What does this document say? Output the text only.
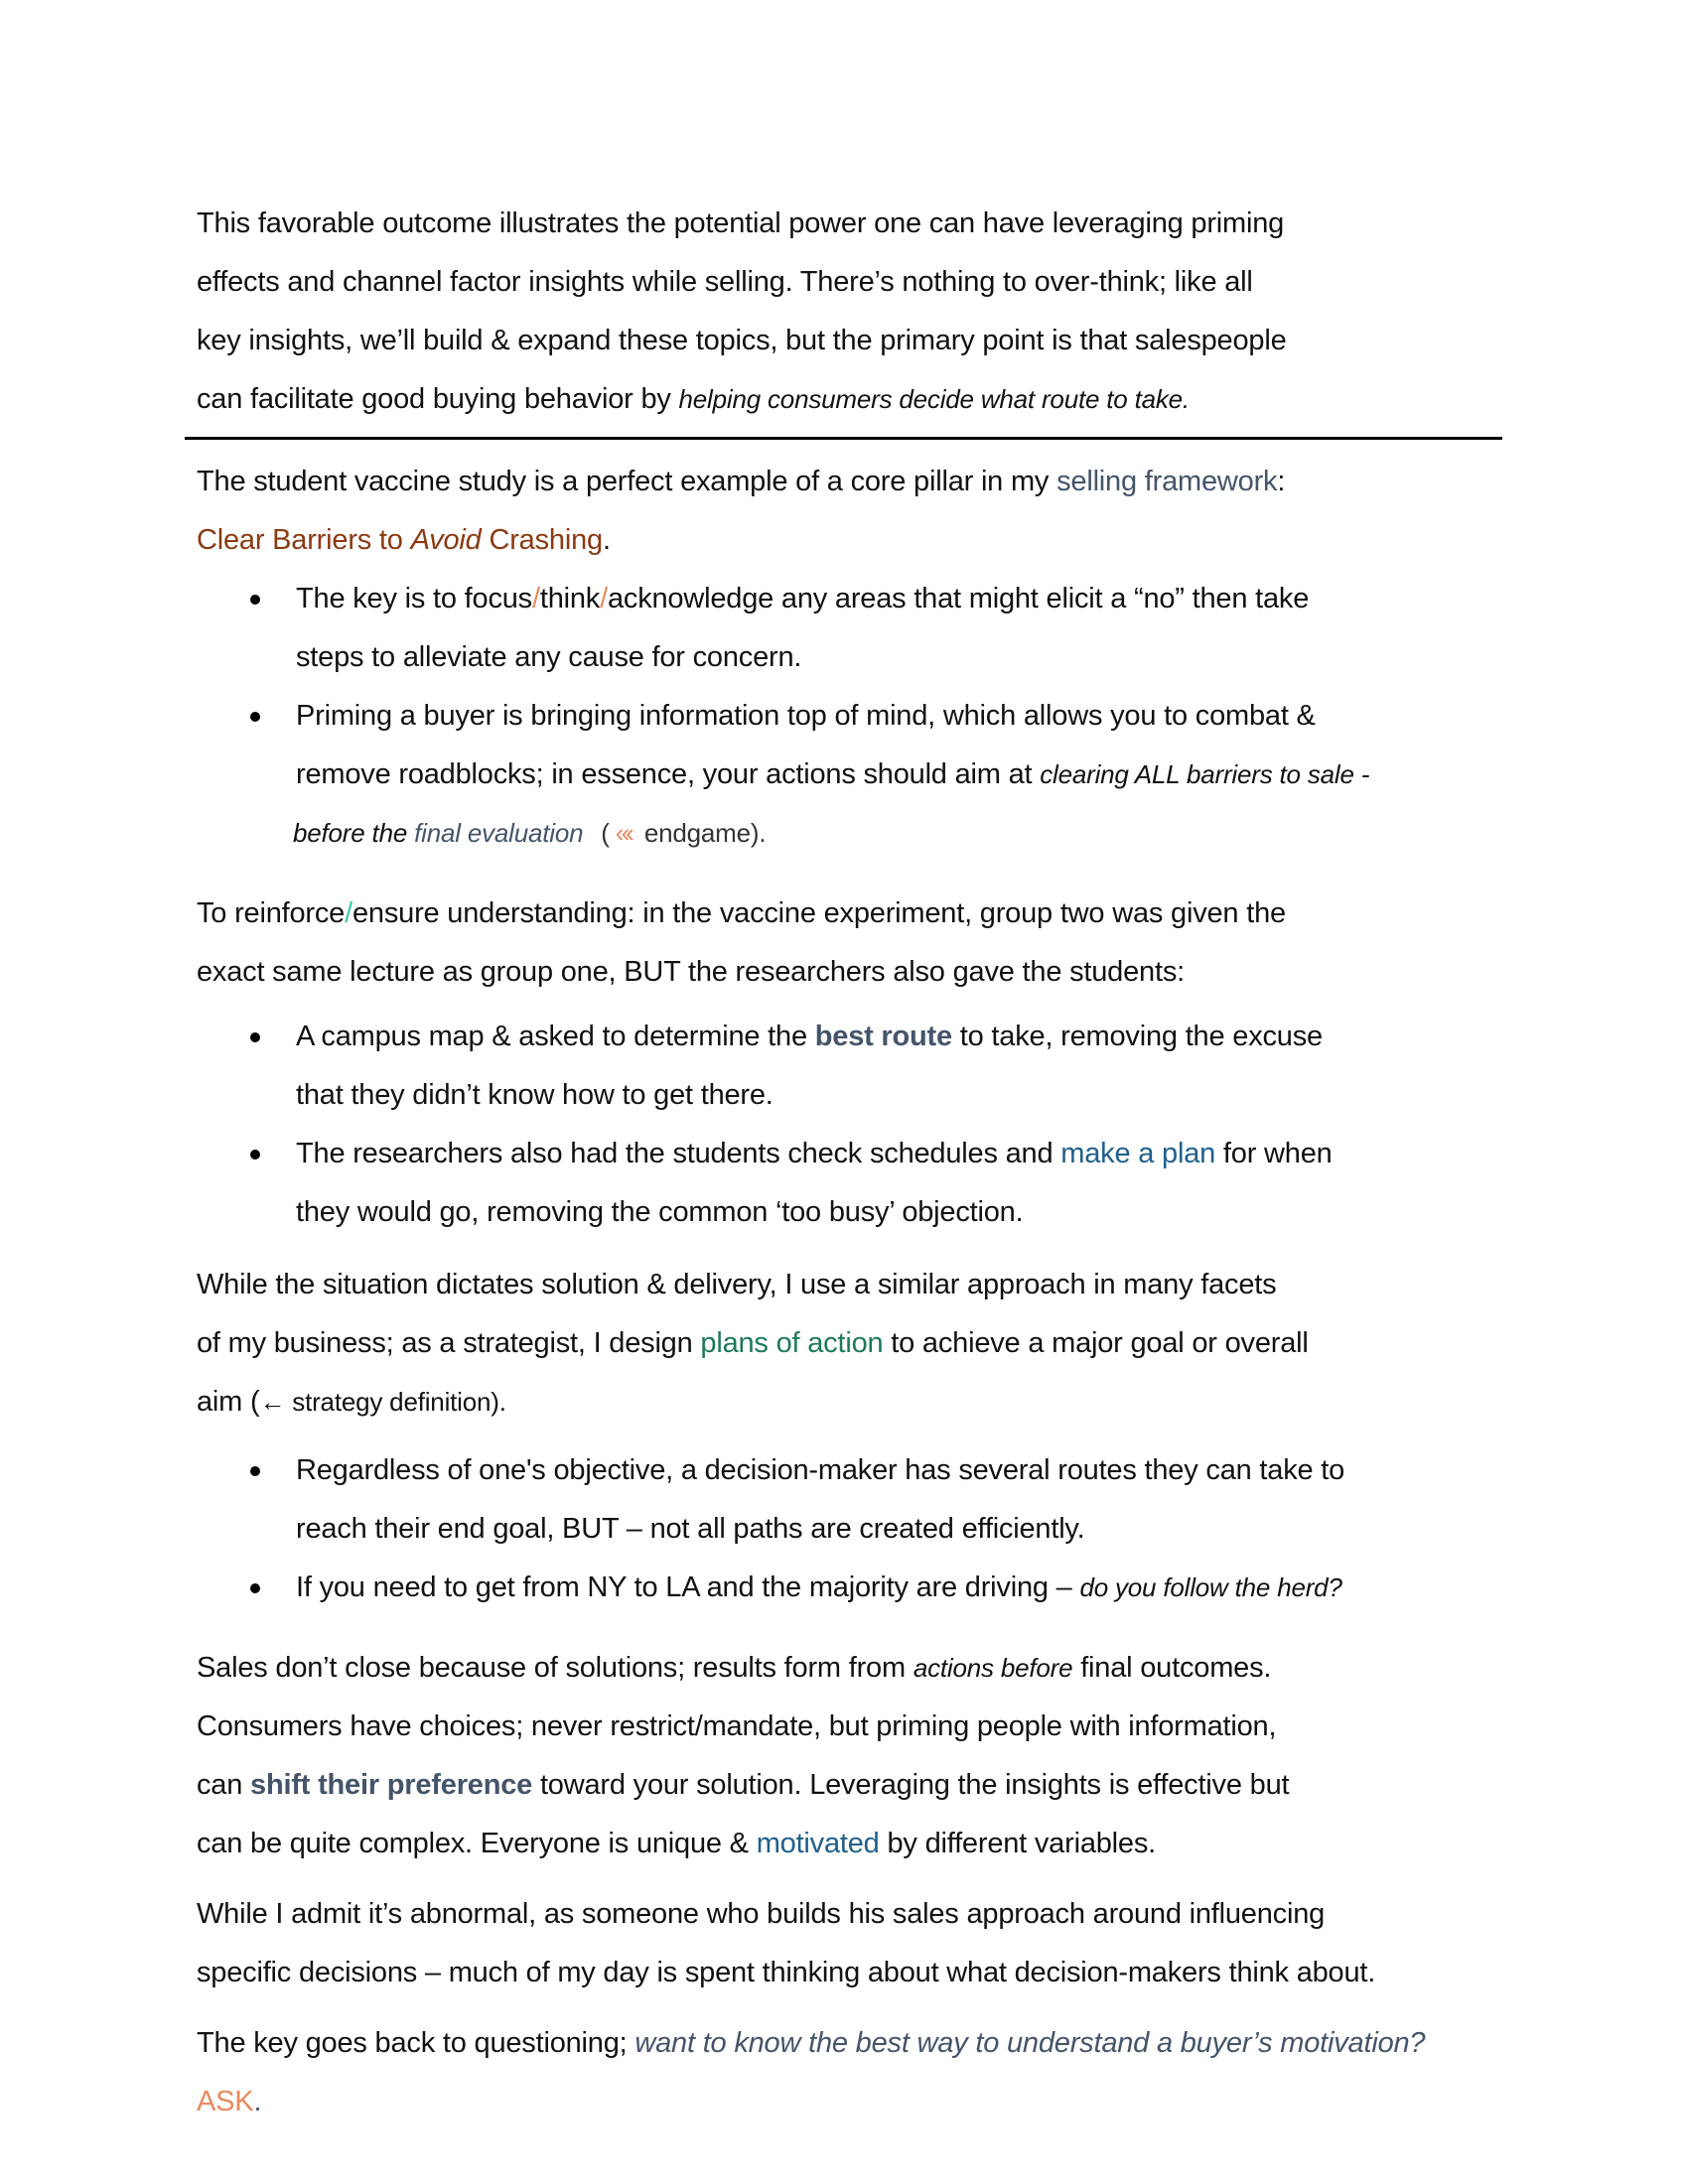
This favorable outcome illustrates the potential power one can have leveraging priming

effects and channel factor insights while selling. There’s nothing to over-think; like all

key insights, we’ll build & expand these topics, but the primary point is that salespeople

can facilitate good buying behavior by helping consumers decide what route to take.

The student vaccine study is a perfect example of a core pillar in my selling framework:

Clear Barriers to Avoid Crashing.

The key is to focus/think/acknowledge any areas that might elicit a “no” then take

steps to alleviate any cause for concern.

Priming a buyer is bringing information top of mind, which allows you to combat &

remove roadblocks; in essence, your actions should aim at clearing ALL barriers to sale -

before the final evaluation ( «‹ endgame).

To reinforce/ensure understanding: in the vaccine experiment, group two was given the

exact same lecture as group one, BUT the researchers also gave the students:

A campus map & asked to determine the best route to take, removing the excuse

that they didn’t know how to get there.

The researchers also had the students check schedules and make a plan for when

they would go, removing the common ‘too busy’ objection.

While the situation dictates solution & delivery, I use a similar approach in many facets

of my business; as a strategist, I design plans of action to achieve a major goal or overall

aim (← strategy definition).

Regardless of one's objective, a decision-maker has several routes they can take to

reach their end goal, BUT – not all paths are created efficiently.

If you need to get from NY to LA and the majority are driving – do you follow the herd?

Sales don’t close because of solutions; results form from actions before final outcomes.

Consumers have choices; never restrict/mandate, but priming people with information,

can shift their preference toward your solution. Leveraging the insights is effective but

can be quite complex. Everyone is unique & motivated by different variables.

While I admit it’s abnormal, as someone who builds his sales approach around influencing

specific decisions – much of my day is spent thinking about what decision-makers think about.

The key goes back to questioning; want to know the best way to understand a buyer’s motivation?

ASK.
